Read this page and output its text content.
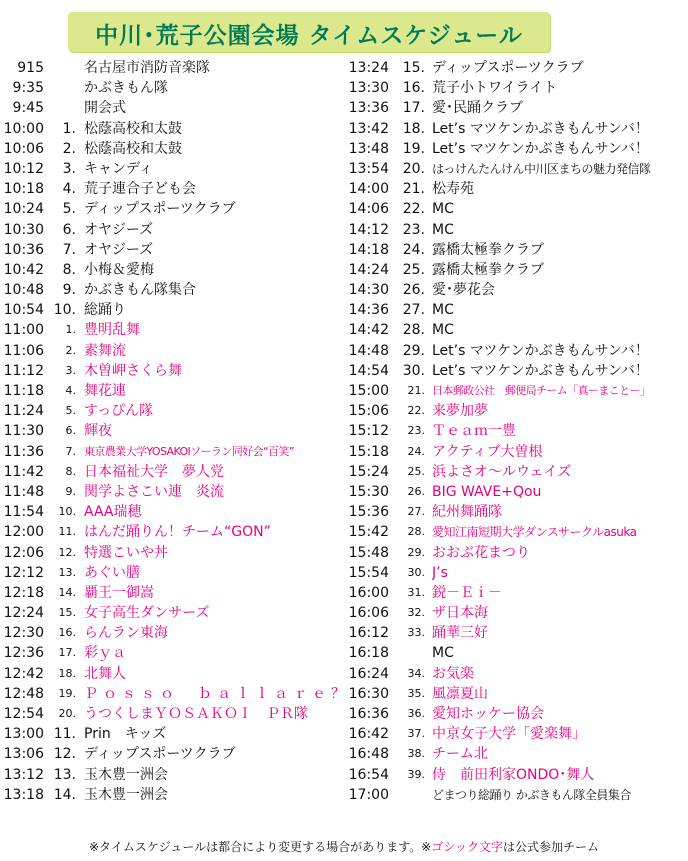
中川･荒子公園会場 タイムスケジュール
915	名古屋市消防音楽隊
9:35	かぶきもん隊
9:45	開会式
10:00	1. 松蔭高校和太鼓
10:06	2. 松蔭高校和太鼓
10:12	3. キャンディ
10:18	4. 荒子連合子ども会
10:24	5. ディップスポーツクラブ
10:30	6. オヤジーズ
10:36	7. オヤジーズ
10:42	8. 小梅＆愛梅
10:48	9. かぶきもん隊集合
10:54 10. 総踊り
11:00	1. 豊明乱舞
11:06	2. 素舞流
11:12	3. 木曽岬さくら舞
11:18	4. 舞花連
11:24	5. すっぴん隊
11:30	6. 輝夜
11:36	7. 東京農業大学YOSAKOIソーラン同好会“百笑”
11:42	8. 日本福祉大学　夢人党
11:48	9. 関学よさこい連　炎流
11:54	10. AAA瑞穂
12:00	11. はんだ踊りん！チーム“GON”
12:06	12. 特選こいや丼
12:12	13. あぐい膳
12:18	14. 覇王一御嵩
12:24	15. 女子高生ダンサーズ
12:30	16. らんラン東海
12:36	17. 彩ｙａ
12:42	18. 北舞人
12:48	19. Ｐｏｓｓｏ　ｂａｌｌａｒｅ？
12:54	20. うつくしまＹＯＳＡＫＯＩ　ＰＲ隊
13:00 11. Prin　キッズ
13:06 12. ディップスポーツクラブ
13:12 13. 玉木豊一洲会
13:18 14. 玉木豊一洲会
13:24 15. ディップスポーツクラブ
13:30 16. 荒子小トワイライト
13:36 17. 愛･民踊クラブ
13:42 18. Let’s マツケンかぶきもんサンバ！
13:48 19. Let’s マツケンかぶきもんサンバ！
13:54 20. はっけんたんけん中川区まちの魅力発信隊
14:00 21. 松寿苑
14:06 22. MC
14:12 23. MC
14:18 24. 露橋太極拳クラブ
14:24 25. 露橋太極拳クラブ
14:30 26. 愛･夢花会
14:36 27. MC
14:42 28. MC
14:48 29. Let’s マツケンかぶきもんサンバ！
14:54 30. Let’s マツケンかぶきもんサンバ！
15:00	21. 日本郵政公社　郵便局チーム「真ーまことー」
15:06	22. 来夢加夢
15:12	23. Ｔｅａｍ一豊
15:18	24. アクティブ大曽根
15:24	25. 浜よさオ～ルウェイズ
15:30	26. BIG WAVE+Qou
15:36	27. 紀州舞踊隊
15:42	28. 愛知江南短期大学ダンスサークルasuka
15:48	29. おおぶ花まつり
15:54	30. J’s
16:00	31. 鋭－Ｅｉ－
16:06	32. ザ日本海
16:12	33. 踊華三好
16:18	MC
16:24	34. お気楽
16:30	35. 風凛夏山
16:36	36. 愛知ホッケー協会
16:42	37. 中京女子大学「愛楽舞」
16:48	38. チーム北
16:54	39. 侍　前田利家ONDO･舞人
17:00	どまつり総踊り かぶきもん隊全員集合
※タイムスケジュールは都合により変更する場合があります。※ゴシック文字は公式参加チーム
